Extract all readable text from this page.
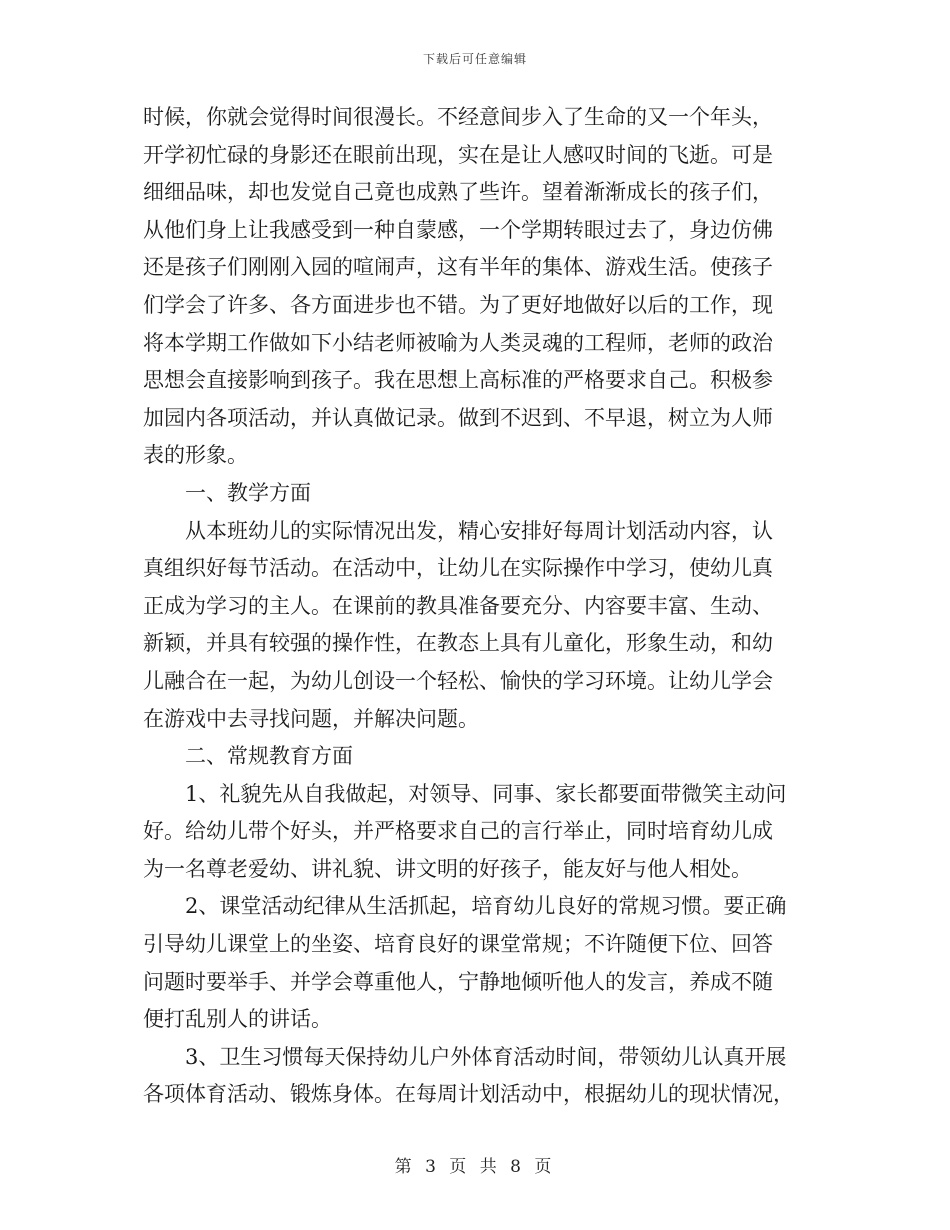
下载后可任意编辑
时候，你就会觉得时间很漫长。不经意间步入了生命的又一个年头，
开学初忙碌的身影还在眼前出现，实在是让人感叹时间的飞逝。可是
细细品味，却也发觉自己竟也成熟了些许。望着渐渐成长的孩子们，
从他们身上让我感受到一种自蒙感，一个学期转眼过去了，身边仿佛
还是孩子们刚刚入园的喧闹声，这有半年的集体、游戏生活。使孩子
们学会了许多、各方面进步也不错。为了更好地做好以后的工作，现
将本学期工作做如下小结老师被喻为人类灵魂的工程师，老师的政治
思想会直接影响到孩子。我在思想上高标准的严格要求自己。积极参
加园内各项活动，并认真做记录。做到不迟到、不早退，树立为人师
表的形象。
一、教学方面
从本班幼儿的实际情况出发，精心安排好每周计划活动内容，认
真组织好每节活动。在活动中，让幼儿在实际操作中学习，使幼儿真
正成为学习的主人。在课前的教具准备要充分、内容要丰富、生动、
新颖，并具有较强的操作性，在教态上具有儿童化，形象生动，和幼
儿融合在一起，为幼儿创设一个轻松、愉快的学习环境。让幼儿学会
在游戏中去寻找问题，并解决问题。
二、常规教育方面
1、礼貌先从自我做起，对领导、同事、家长都要面带微笑主动问
好。给幼儿带个好头，并严格要求自己的言行举止，同时培育幼儿成
为一名尊老爱幼、讲礼貌、讲文明的好孩子，能友好与他人相处。
2、课堂活动纪律从生活抓起，培育幼儿良好的常规习惯。要正确
引导幼儿课堂上的坐姿、培育良好的课堂常规；不许随便下位、回答
问题时要举手、并学会尊重他人，宁静地倾听他人的发言，养成不随
便打乱别人的讲话。
3、卫生习惯每天保持幼儿户外体育活动时间，带领幼儿认真开展
各项体育活动、锻炼身体。在每周计划活动中，根据幼儿的现状情况，
第 3 页 共 8 页
